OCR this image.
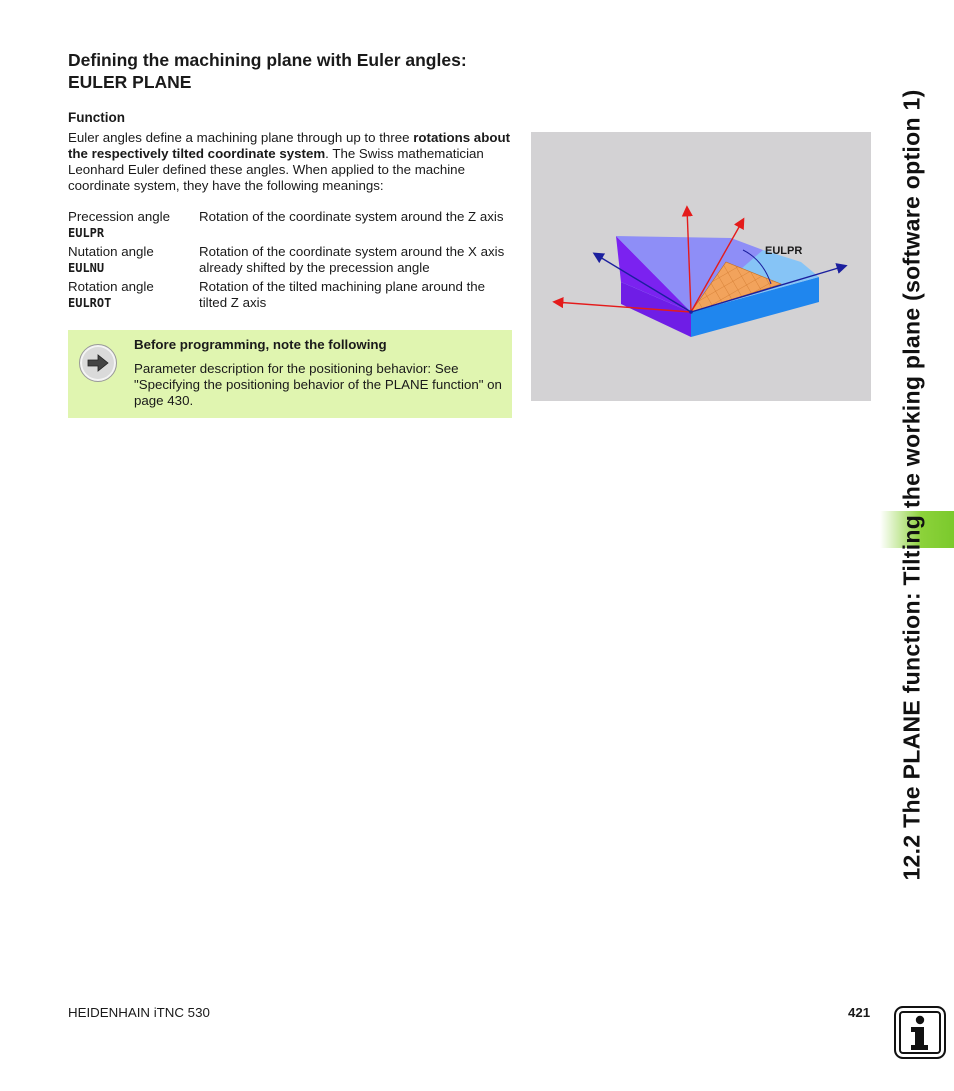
Defining the machining plane with Euler angles:
EULER PLANE
Function

Euler angles define a machining plane through up to three rotations about the respectively tilted coordinate system. The Swiss mathematician Leonhard Euler defined these angles. When applied to the machine coordinate system, they have the following meanings:

Precession angle
EULPR	Rotation of the coordinate system around the Z axis
Nutation angle
EULNU	Rotation of the coordinate system around the X axis already shifted by the precession angle
Rotation angle
EULROT	Rotation of the tilted machining plane around the tilted Z axis

Before programming, note the following

Parameter description for the positioning behavior: See "Specifying the positioning behavior of the PLANE function" on page 430.

EULPR	12.2 The PLANE function: Tilting the working plane (software option 1)

HEIDENHAIN iTNC 530	421
